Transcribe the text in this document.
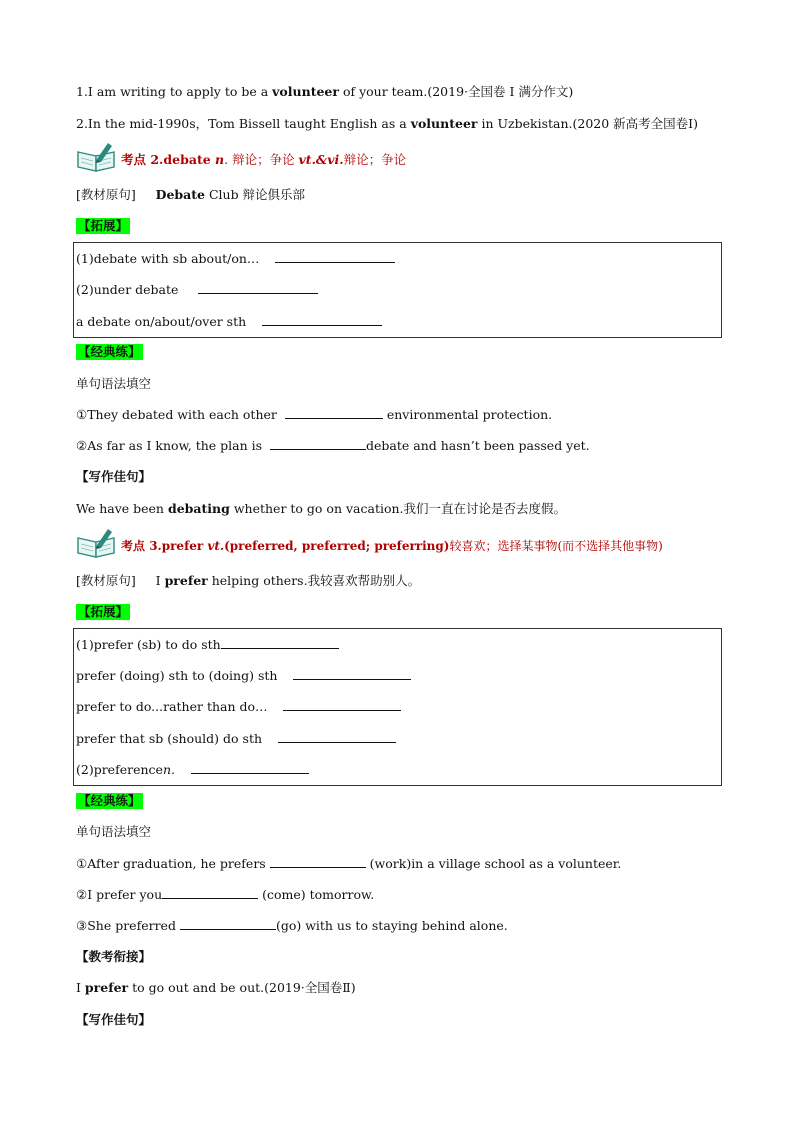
1.I am writing to apply to be a volunteer of your team.(2019·全国卷 I 满分作文)
2.In the mid-1990s，Tom Bissell taught English as a volunteer in Uzbekistan.(2020 新高考全国卷Ⅰ)
考点 2.debate n. 辩论；争论 vt.&vi.辩论；争论
[教材原句] Debate Club 辩论俱乐部
【拓展】
(1)debate with sb about/on…
(2)under debate
a debate on/about/over sth
【经典练】
单句语法填空
①They debated with each other	environmental protection.
②As far as I know, the plan is	debate and hasn’t been passed yet.
【写作佳句】
We have been debating whether to go on vacation.我们一直在讨论是否去度假。
考点 3.prefer vt.(preferred, preferred; preferring)较喜欢；选择某事物(而不选择其他事物)
[教材原句] I prefer helping others.我较喜欢帮助别人。
【拓展】
(1)prefer (sb) to do sth
prefer (doing) sth to (doing) sth
prefer to do...rather than do…
prefer that sb (should) do sth
(2)preferencen.
【经典练】
单句语法填空
①After graduation, he prefers	(work)in a village school as a volunteer.
②I prefer you	(come) tomorrow.
③She preferred	(go) with us to staying behind alone.
【教考衔接】
I prefer to go out and be out.(2019·全国卷Ⅱ)
【写作佳句】
